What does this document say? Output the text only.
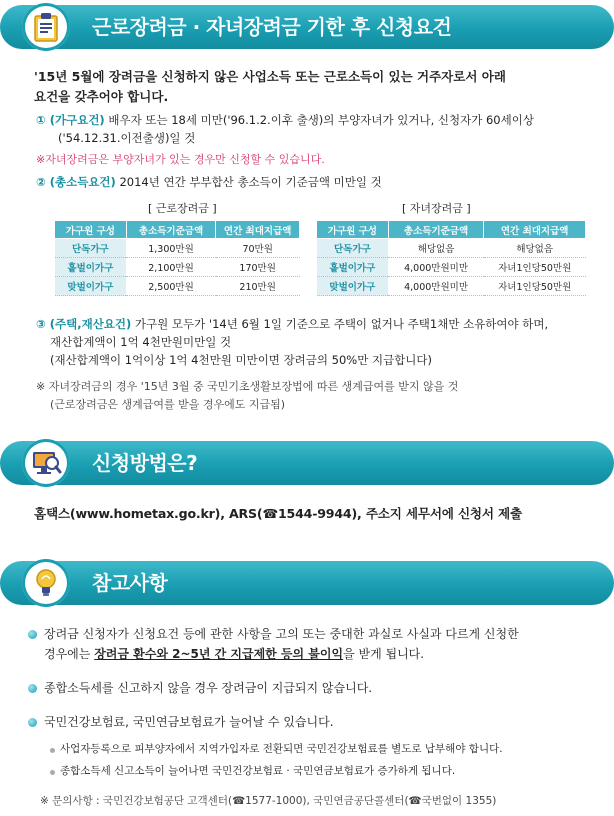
근로장려금 · 자녀장려금 기한 후 신청요건
'15년 5월에 장려금을 신청하지 않은 사업소득 또는 근로소득이 있는 거주자로서 아래
요건을 갖추어야 합니다.
① (가구요건) 배우자 또는 18세 미만('96.1.2.이후 출생)의 부양자녀가 있거나, 신청자가 60세이상
('54.12.31.이전출생)일 것
※자녀장려금은 부양자녀가 있는 경우만 신청할 수 있습니다.
② (총소득요건) 2014년 연간 부부합산 총소득이 기준금액 미만일 것
[ 근로장려금 ]	[ 자녀장려금 ]
가구원 구성	총소득기준금액	연간 최대지급액
단독가구	1,300만원	70만원
홑벌이가구	2,100만원	170만원
맞벌이가구	2,500만원	210만원
가구원 구성	총소득기준금액	연간 최대지급액
단독가구	해당없음	해당없음
홑벌이가구	4,000만원미만	자녀1인당50만원
맞벌이가구	4,000만원미만	자녀1인당50만원
③ (주택,재산요건) 가구원 모두가 '14년 6월 1일 기준으로 주택이 없거나 주택1채만 소유하여야 하며,
재산합계액이 1억 4천만원미만일 것
(재산합계액이 1억이상 1억 4천만원 미만이면 장려금의 50%만 지급합니다)
※ 자녀장려금의 경우 '15년 3월 중 국민기초생활보장법에 따른 생계급여를 받지 않을 것
(근로장려금은 생계급여를 받을 경우에도 지급됨)
신청방법은?
홈택스(www.hometax.go.kr), ARS(☎1544-9944), 주소지 세무서에 신청서 제출
참고사항
장려금 신청자가 신청요건 등에 관한 사항을 고의 또는 중대한 과실로 사실과 다르게 신청한
경우에는 장려금 환수와 2~5년 간 지급제한 등의 불이익을 받게 됩니다.
종합소득세를 신고하지 않을 경우 장려금이 지급되지 않습니다.
국민건강보험료, 국민연금보험료가 늘어날 수 있습니다.
사업자등록으로 피부양자에서 지역가입자로 전환되면 국민건강보험료를 별도로 납부해야 합니다.
종합소득세 신고소득이 늘어나면 국민건강보험료 · 국민연금보험료가 증가하게 됩니다.
※ 문의사항 : 국민건강보험공단 고객센터(☎1577-1000), 국민연금공단콜센터(☎국번없이 1355)
